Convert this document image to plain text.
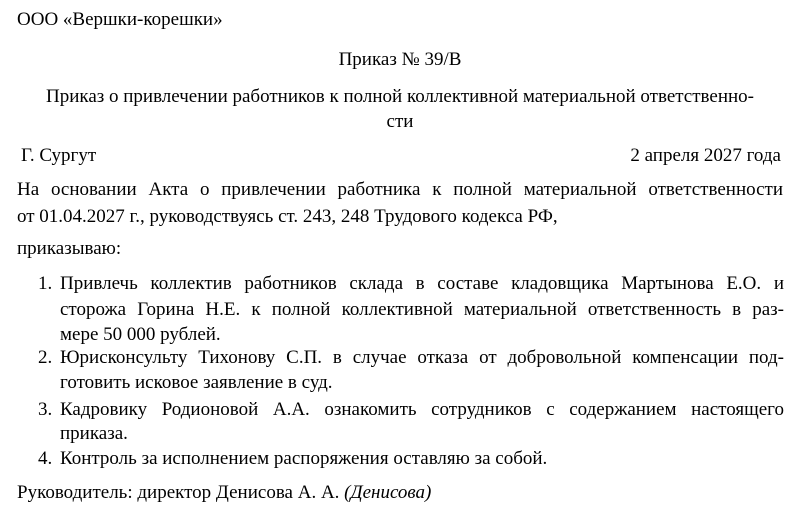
ООО «Вершки-корешки»
Приказ № 39/В
Приказ о привлечении работников к полной коллективной материальной ответственно-
сти
Г. Сургут	2 апреля 2027 года
На основании Акта о привлечении работника к полной материальной ответственности
от 01.04.2027 г., руководствуясь ст. 243, 248 Трудового кодекса РФ,
приказываю:
1. Привлечь коллектив работников склада в составе кладовщика Мартынова Е.О. и
сторожа Горина Н.Е. к полной коллективной материальной ответственность в раз-
мере 50 000 рублей.
2. Юрисконсульту Тихонову С.П. в случае отказа от добровольной компенсации под-
готовить исковое заявление в суд.
3. Кадровику Родионовой А.А. ознакомить сотрудников с содержанием настоящего
приказа.
4. Контроль за исполнением распоряжения оставляю за собой.
Руководитель: директор Денисова А. А. (Денисова)
